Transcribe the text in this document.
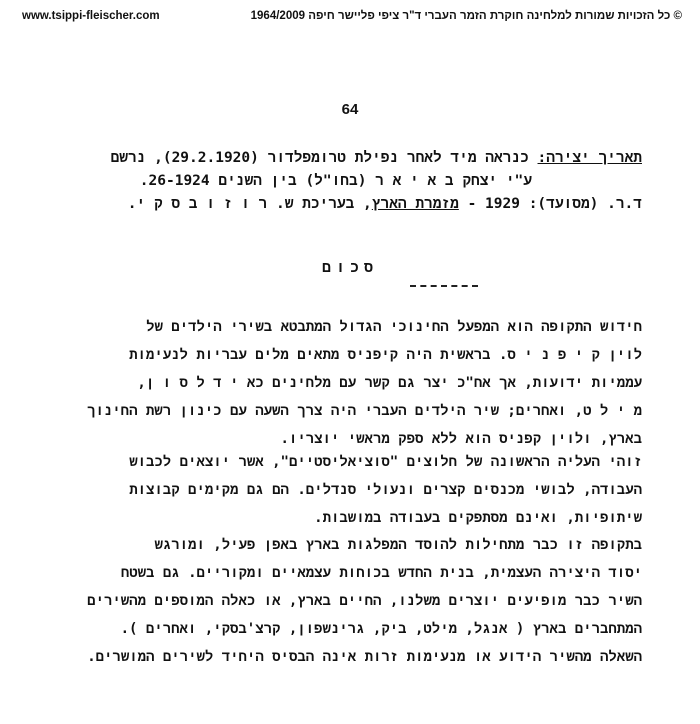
www.tsippi-fleischer.com	© כל הזכויות שמורות למלחינה חוקרת הזמר העברי ד"ר ציפי פליישר חיפה 1964/2009
64
תאריך יצירה: כנראה מיד לאחר נפילת טרומפלדור (29.2.1920), נרשם
ע"י יצחק ב א י א ר (בחו"ל) בין השנים 26-1924.
ד.ר. (מסועד): 1929 - מזמרת הארץ, בעריכת ש. ר ו ז ו ב ס ק י.
סכום
חידוש התקופה הוא המפעל החינוכי הגדול המתבטא בשירי הילדים של
לוין ק י פ נ י ס. בראשית היה קיפניס מתאים מלים עבריות לנעימות
עממיות ידועות, אך אח"כ יצר גם קשר עם מלחינים כא י ד ל ס ו ן,
מ י ל ט, ואחרים; שיר הילדים העברי היה צרך השעה עם כינון רשת החינוך
בארץ, ולוין קפניס הוא ללא ספק מראשי יוצריו.
זוהי העליה הראשונה של חלוצים "סוציאליסטיים", אשר יוצאים לכבוש
העבודה, לבושי מכנסים קצרים ונעולי סנדלים. הם גם מקימים קבוצות
שיתופיות, ואינם מסתפקים בעבודה במושבות.
בתקופה זו כבר מתחילות להוסד המפלגות בארץ באפן פעיל, ומורגש
יסוד היצירה העצמית, בנית החדש בכוחות עצמאיים ומקוריים. גם בשטח
השיר כבר מופיעים יוצרים משלנו, החיים בארץ, או כאלה המוספים מהשירים
המתחברים בארץ ( אנגל, מילט, ביק, גרינשפון, קרצ'בסקי, ואחרים ).
השאלה מהשיר הידוע או מנעימות זרות אינה הבסיס היחיד לשירים המושרים.
